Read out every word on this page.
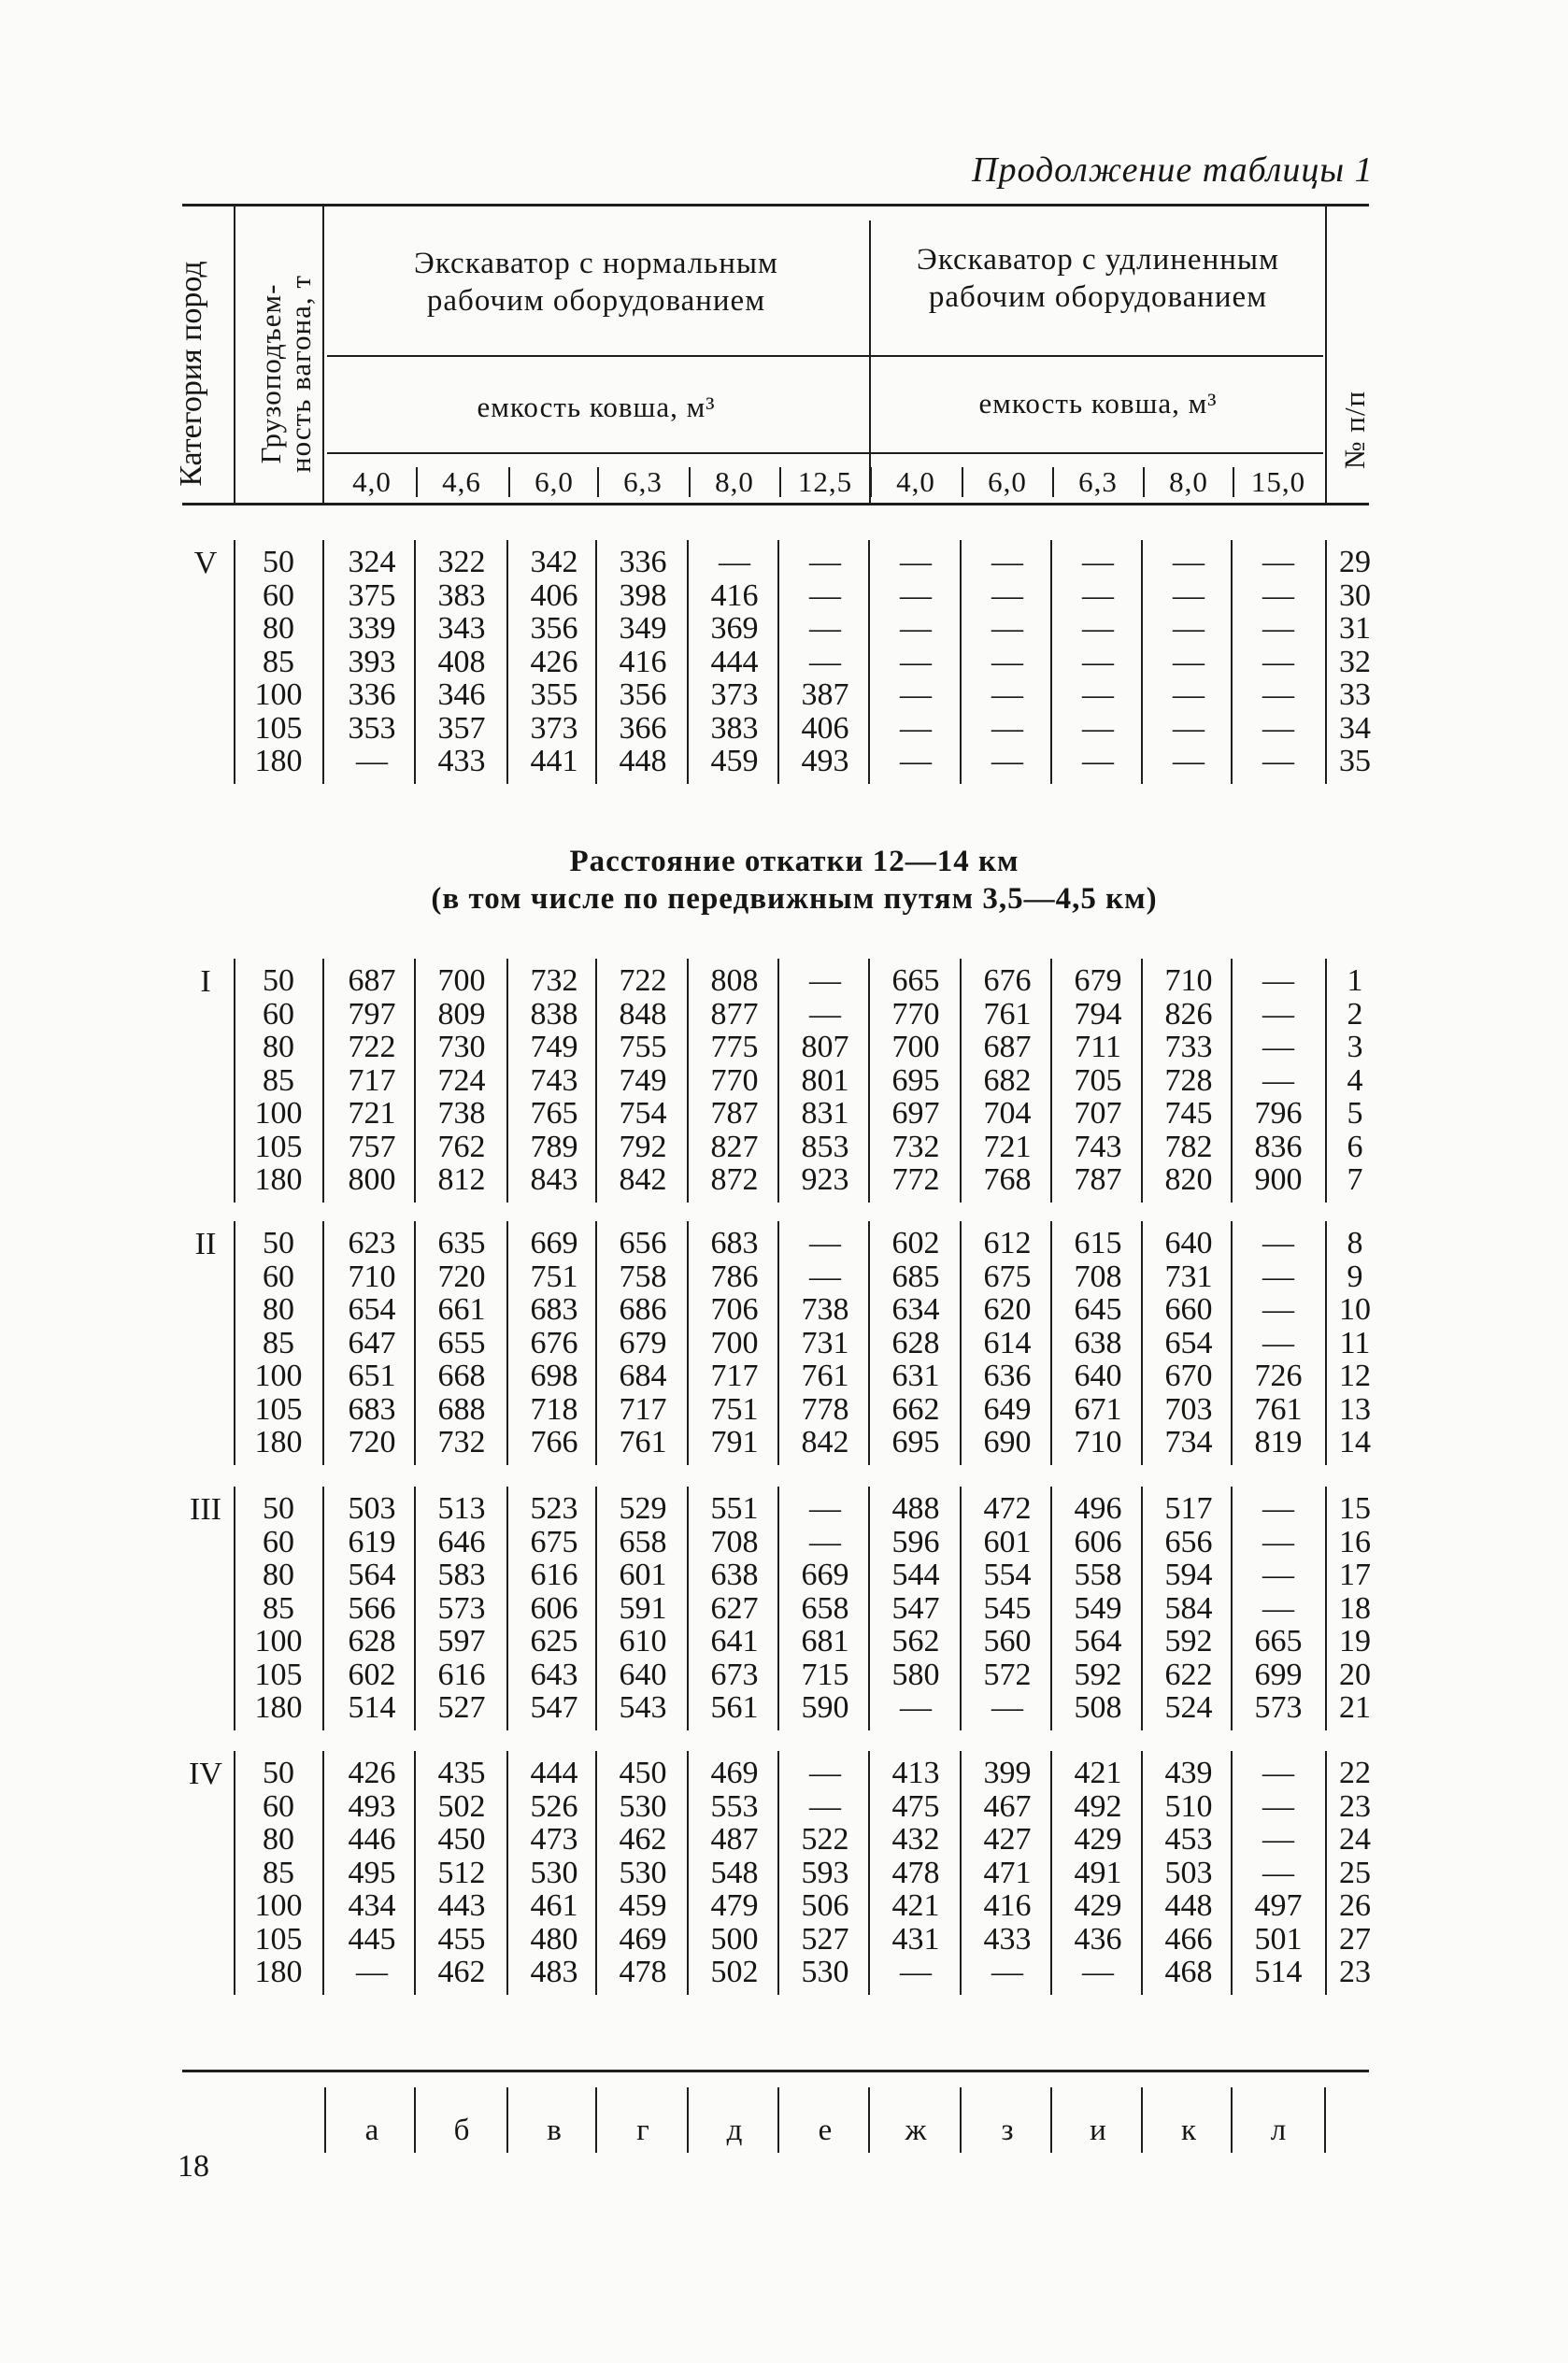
Продолжение таблицы 1
Категория пород Грузоподъем-
ность вагона, т	№ п/п
Экскаватор с нормальным
рабочим оборудованием
Экскаватор с удлиненным
рабочим оборудованием
емкость ковша, м³	емкость ковша, м³
4,0	4,6	6,0	6,3	8,0	12,5	4,0	6,0	6,3	8,0	15,0
Расстояние откатки 12—14 км
(в том числе по передвижным путям 3,5—4,5 км)
V	50	324	322	342	336	—	—	—	—	—	—	—	29
60	375	383	406	398	416	—	—	—	—	—	—	30
80	339	343	356	349	369	—	—	—	—	—	—	31
85	393	408	426	416	444	—	—	—	—	—	—	32
100	336	346	355	356	373	387	—	—	—	—	—	33
105	353	357	373	366	383	406	—	—	—	—	—	34
180	—	433	441	448	459	493	—	—	—	—	—	35
I	50	687	700	732	722	808	—	665	676	679	710	—	1
60	797	809	838	848	877	—	770	761	794	826	—	2
80	722	730	749	755	775	807	700	687	711	733	—	3
85	717	724	743	749	770	801	695	682	705	728	—	4
100	721	738	765	754	787	831	697	704	707	745	796	5
105	757	762	789	792	827	853	732	721	743	782	836	6
180	800	812	843	842	872	923	772	768	787	820	900	7
II	50	623	635	669	656	683	—	602	612	615	640	—	8
60	710	720	751	758	786	—	685	675	708	731	—	9
80	654	661	683	686	706	738	634	620	645	660	—	10
85	647	655	676	679	700	731	628	614	638	654	—	11
100	651	668	698	684	717	761	631	636	640	670	726	12
105	683	688	718	717	751	778	662	649	671	703	761	13
180	720	732	766	761	791	842	695	690	710	734	819	14
III	50	503	513	523	529	551	—	488	472	496	517	—	15
60	619	646	675	658	708	—	596	601	606	656	—	16
80	564	583	616	601	638	669	544	554	558	594	—	17
85	566	573	606	591	627	658	547	545	549	584	—	18
100	628	597	625	610	641	681	562	560	564	592	665	19
105	602	616	643	640	673	715	580	572	592	622	699	20
180	514	527	547	543	561	590	—	—	508	524	573	21
IV	50	426	435	444	450	469	—	413	399	421	439	—	22
60	493	502	526	530	553	—	475	467	492	510	—	23
80	446	450	473	462	487	522	432	427	429	453	—	24
85	495	512	530	530	548	593	478	471	491	503	—	25
100	434	443	461	459	479	506	421	416	429	448	497	26
105	445	455	480	469	500	527	431	433	436	466	501	27
180	—	462	483	478	502	530	—	—	—	468	514	23
а	б	в	г	д	е	ж	з	и	к	л
18
